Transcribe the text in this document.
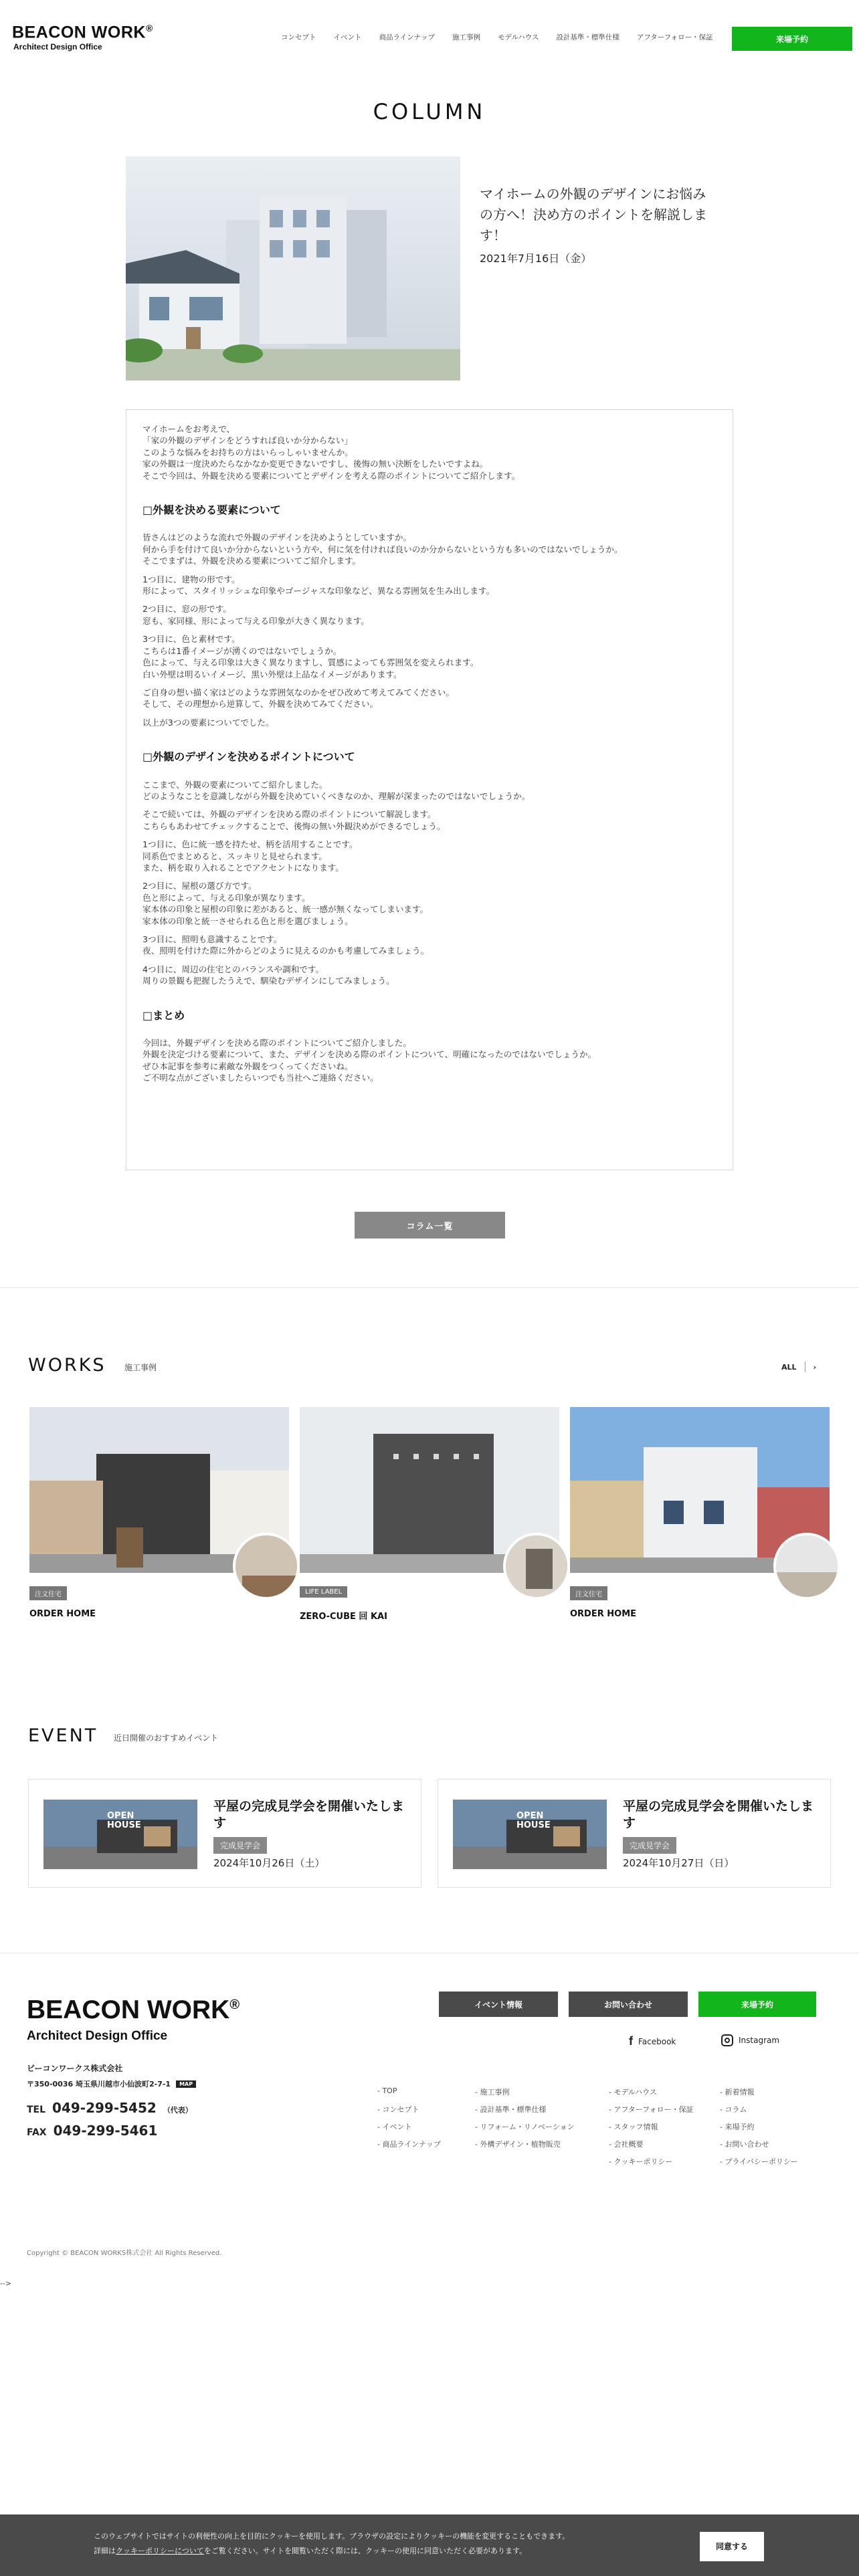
BEACON WORK®
Architect Design Office
コンセプト イベント 商品ラインナップ 施工事例 モデルハウス 設計基準・標準仕様 アフターフォロー・保証	来場予約
COLUMN
マイホームの外観のデザインにお悩みの方へ！決め方のポイントを解説します！
2021年7月16日（金）

マイホームをお考えで、
「家の外観のデザインをどうすれば良いか分からない」
このような悩みをお持ちの方はいらっしゃいませんか。
家の外観は一度決めたらなかなか変更できないですし、後悔の無い決断をしたいですよね。
そこで今回は、外観を決める要素についてとデザインを考える際のポイントについてご紹介します。

□外観を決める要素について

皆さんはどのような流れで外観のデザインを決めようとしていますか。
何から手を付けて良いか分からないという方や、何に気を付ければ良いのか分からないという方も多いのではないでしょうか。
そこでまずは、外観を決める要素についてご紹介します。

1つ目に、建物の形です。
形によって、スタイリッシュな印象やゴージャスな印象など、異なる雰囲気を生み出します。

2つ目に、窓の形です。
窓も、家同様、形によって与える印象が大きく異なります。

3つ目に、色と素材です。
こちらは1番イメージが湧くのではないでしょうか。
色によって、与える印象は大きく異なりますし、質感によっても雰囲気を変えられます。
白い外壁は明るいイメージ、黒い外壁は上品なイメージがあります。

ご自身の想い描く家はどのような雰囲気なのかをぜひ改めて考えてみてください。
そして、その理想から逆算して、外観を決めてみてください。

以上が3つの要素についてでした。

□外観のデザインを決めるポイントについて

ここまで、外観の要素についてご紹介しました。
どのようなことを意識しながら外観を決めていくべきなのか、理解が深まったのではないでしょうか。

そこで続いては、外観のデザインを決める際のポイントについて解説します。
こちらもあわせてチェックすることで、後悔の無い外観決めができるでしょう。

1つ目に、色に統一感を持たせ、柄を活用することです。
同系色でまとめると、スッキリと見せられます。
また、柄を取り入れることでアクセントになります。

2つ目に、屋根の選び方です。
色と形によって、与える印象が異なります。
家本体の印象と屋根の印象に差があると、統一感が無くなってしまいます。
家本体の印象と統一させられる色と形を選びましょう。

3つ目に、照明も意識することです。
夜、照明を付けた際に外からどのように見えるのかも考慮してみましょう。

4つ目に、周辺の住宅とのバランスや調和です。
周りの景観も把握したうえで、馴染むデザインにしてみましょう。

□まとめ

今回は、外観デザインを決める際のポイントについてご紹介しました。
外観を決定づける要素について、また、デザインを決める際のポイントについて、明確になったのではないでしょうか。
ぜひ本記事を参考に素敵な外観をつくってくださいね。
ご不明な点がございましたらいつでも当社へご連絡ください。

コラム一覧
WORKS 施工事例	ALL ›
注文住宅
ORDER HOME
LIFE LABEL
ZERO-CUBE 回 KAI
注文住宅
ORDER HOME
EVENT 近日開催のおすすめイベント
OPEN HOUSE
平屋の完成見学会を開催いたします
完成見学会
2024年10月26日（土）
OPEN HOUSE
平屋の完成見学会を開催いたします
完成見学会
2024年10月27日（日）
BEACON WORK®
Architect Design Office
ビーコンワークス株式会社
〒350-0036 埼玉県川越市小仙波町2-7-1	MAP
TEL 049-299-5452 （代表）
FAX 049-299-5461
イベント情報	お問い合わせ	来場予約
f Facebook	Instagram
- TOP
- コンセプト
- イベント
- 商品ラインナップ
- 施工事例
- 設計基準・標準仕様
- リフォーム・リノベーション
- 外構デザイン・植物販売
- モデルハウス
- アフターフォロー・保証
- スタッフ情報
- 会社概要
- クッキーポリシー
- 新着情報
- コラム
- 来場予約
- お問い合わせ
- プライバシーポリシー
Copyright © BEACON WORKS株式会社 All Rights Reserved.
-->
このウェブサイトではサイトの利便性の向上を目的にクッキーを使用します。ブラウザの設定によりクッキーの機能を変更することもできます。
詳細はクッキーポリシーについてをご覧ください。サイトを閲覧いただく際には、クッキーの使用に同意いただく必要があります。	同意する
